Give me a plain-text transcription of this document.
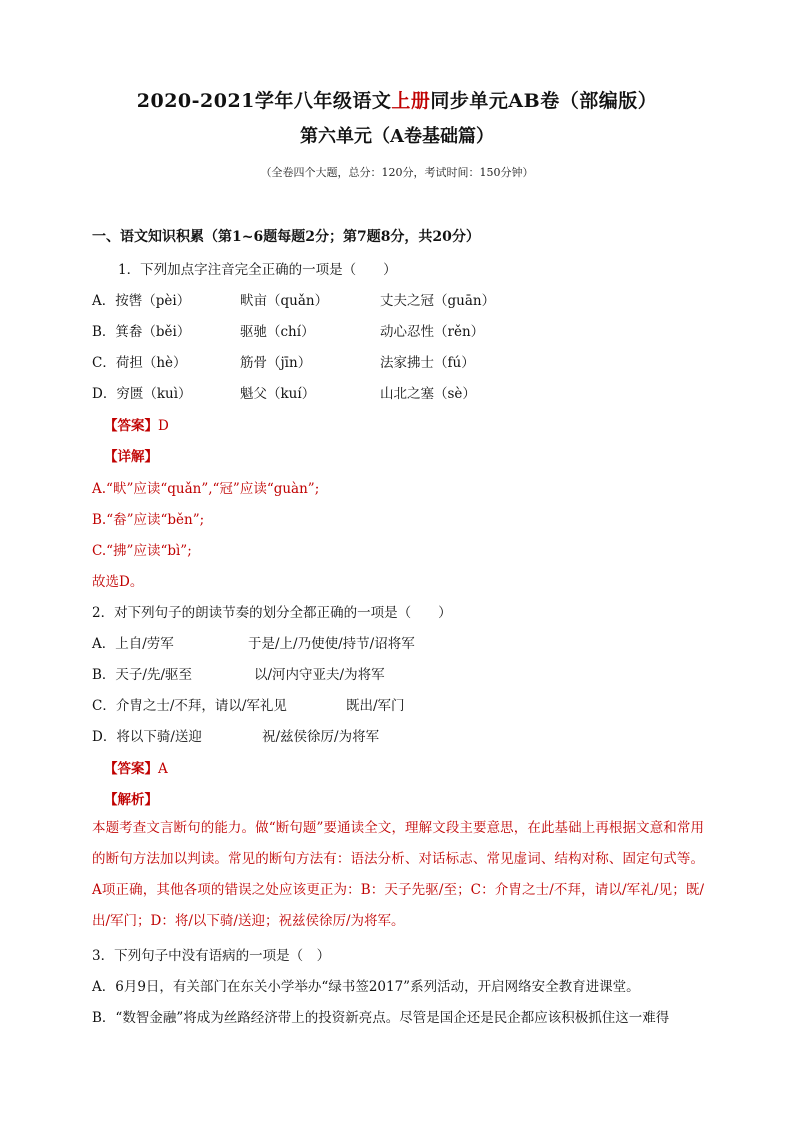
2020-2021学年八年级语文上册同步单元AB卷（部编版）
第六单元（A卷基础篇）
（全卷四个大题，总分：120分，考试时间：150分钟）
一、语文知识积累（第1~6题每题2分；第7题8分，共20分）
1．下列加点字注音完全正确的一项是（　　）
A．按辔（pèi）	畎亩（quǎn）	丈夫之冠（guān）
B．箕畚（běi）	驱驰（chí）	动心忍性（rěn）
C．荷担（hè）	筋骨（jīn）	法家拂士（fú）
D．穷匮（kuì）	魁父（kuí）	山北之塞（sè）
【答案】D
【详解】
A.“畎”应读“quǎn”,“冠”应读“guàn”;
B.“畚”应读“běn”;
C.“拂”应读“bì”;
故选D。
2．对下列句子的朗读节奏的划分全都正确的一项是（　　）
A．上自/劳军	于是/上/乃使使/持节/诏将军
B．天子/先/驱至	以/河内守亚夫/为将军
C．介胄之士/不拜，请以/军礼见	既出/军门
D．将以下骑/送迎	祝/兹侯徐厉/为将军
【答案】A
【解析】
本题考查文言断句的能力。做“断句题”要通读全文，理解文段主要意思，在此基础上再根据文意和常用的断句方法加以判读。常见的断句方法有：语法分析、对话标志、常见虚词、结构对称、固定句式等。A项正确，其他各项的错误之处应该更正为：B：天子先驱/至；C：介胄之士/不拜，请以/军礼/见；既/出/军门；D：将/以下骑/送迎；祝兹侯徐厉/为将军。
3．下列句子中没有语病的一项是（　）
A．6月9日，有关部门在东关小学举办“绿书签2017”系列活动，开启网络安全教育进课堂。
B．“数智金融”将成为丝路经济带上的投资新亮点。尽管是国企还是民企都应该积极抓住这一难得
